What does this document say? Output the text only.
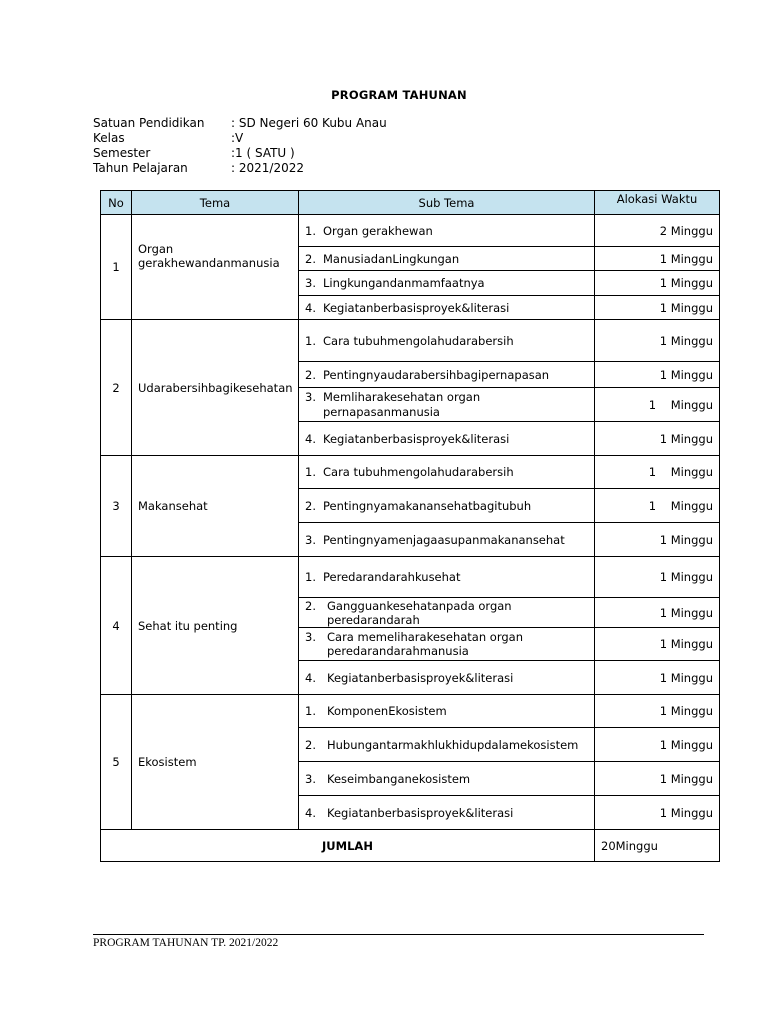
PROGRAM TAHUNAN
Satuan Pendidikan	: SD Negeri 60 Kubu Anau
Kelas	:V
Semester	:1 ( SATU )
Tahun Pelajaran	: 2021/2022
No	Tema	Sub Tema	Alokasi Waktu
1	Organ gerakhewandanmanusia	1. Organ gerakhewan	2 Minggu
		2. ManusiadanLingkungan	1 Minggu
		3. Lingkungandanmamfaatnya	1 Minggu
		4. Kegiatanberbasisproyek&literasi	1 Minggu
2	Udarabersihbagikesehatan	1. Cara tubuhmengolahudarabersih	1 Minggu
		2. Pentingnyaudarabersihbagipernapasan	1 Minggu
		3. Memliharakesehatan organ pernapasanmanusia	1    Minggu
		4. Kegiatanberbasisproyek&literasi	1 Minggu
3	Makansehat	1. Cara tubuhmengolahudarabersih	1    Minggu
		2. Pentingnyamakanansehatbagitubuh	1    Minggu
		3. Pentingnyamenjagaasupanmakanansehat	1 Minggu
4	Sehat itu penting	1. Peredarandarahkusehat	1 Minggu
		2. Gangguankesehatanpada organ peredarandarah	1 Minggu
		3. Cara memeliharakesehatan organ peredarandarahmanusia	1 Minggu
		4. Kegiatanberbasisproyek&literasi	1 Minggu
5	Ekosistem	1. KomponenEkosistem	1 Minggu
		2. Hubungantarmakhlukhidupdalamekosistem	1 Minggu
		3. Keseimbanganekosistem	1 Minggu
		4. Kegiatanberbasisproyek&literasi	1 Minggu
JUMLAH			20Minggu
PROGRAM TAHUNAN TP. 2021/2022
